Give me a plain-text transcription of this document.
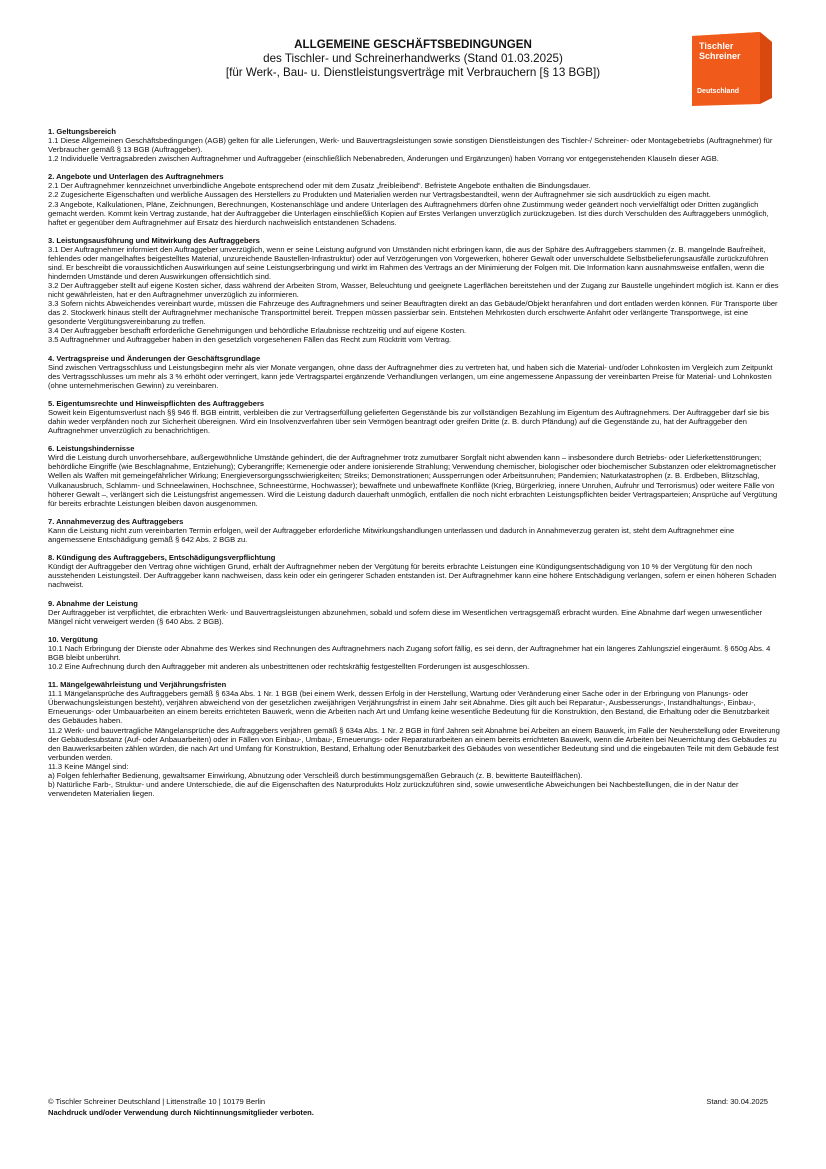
ALLGEMEINE GESCHÄFTSBEDINGUNGEN
des Tischler- und Schreinerhandwerks (Stand 01.03.2025)
[für Werk-, Bau- u. Dienstleistungsverträge mit Verbrauchern [§ 13 BGB])
Tischler
Schreiner
Deutschland
1. Geltungsbereich

1.1 Diese Allgemeinen Geschäftsbedingungen (AGB) gelten für alle Lieferungen, Werk- und Bauvertragsleistungen sowie sonstigen Dienstleistungen des Tischler-/ Schreiner- oder Montagebetriebs (Auftragnehmer) für Verbraucher gemäß § 13 BGB (Auftraggeber).

1.2 Individuelle Vertragsabreden zwischen Auftragnehmer und Auftraggeber (einschließlich Nebenabreden, Änderungen und Ergänzungen) haben Vorrang vor entgegenstehenden Klauseln dieser AGB.

2. Angebote und Unterlagen des Auftragnehmers

2.1 Der Auftragnehmer kennzeichnet unverbindliche Angebote entsprechend oder mit dem Zusatz „freibleibend“. Befristete Angebote enthalten die Bindungsdauer.

2.2 Zugesicherte Eigenschaften und werbliche Aussagen des Herstellers zu Produkten und Materialien werden nur Vertragsbestandteil, wenn der Auftragnehmer sie sich ausdrücklich zu eigen macht.

2.3 Angebote, Kalkulationen, Pläne, Zeichnungen, Berechnungen, Kostenanschläge und andere Unterlagen des Auftragnehmers dürfen ohne Zustimmung weder geändert noch vervielfältigt oder Dritten zugänglich gemacht werden. Kommt kein Vertrag zustande, hat der Auftraggeber die Unterlagen einschließlich Kopien auf Erstes Verlangen unverzüglich zurückzugeben. Ist dies durch Verschulden des Auftraggebers unmöglich, haftet er gegenüber dem Auftragnehmer auf Ersatz des hierdurch nachweislich entstandenen Schadens.

3. Leistungsausführung und Mitwirkung des Auftraggebers

3.1 Der Auftragnehmer informiert den Auftraggeber unverzüglich, wenn er seine Leistung aufgrund von Umständen nicht erbringen kann, die aus der Sphäre des Auftraggebers stammen (z. B. mangelnde Baufreiheit, fehlendes oder mangelhaftes beigestelltes Material, unzureichende Baustellen-Infrastruktur) oder auf Verzögerungen von Vorgewerken, höherer Gewalt oder unverschuldete Selbstbelieferungsausfälle zurückzuführen sind. Er beschreibt die voraussichtlichen Auswirkungen auf seine Leistungserbringung und wirkt im Rahmen des Vertrags an der Minimierung der Folgen mit. Die Information kann ausnahmsweise entfallen, wenn die hindernden Umstände und deren Auswirkungen offensichtlich sind.

3.2 Der Auftraggeber stellt auf eigene Kosten sicher, dass während der Arbeiten Strom, Wasser, Beleuchtung und geeignete Lagerflächen bereitstehen und der Zugang zur Baustelle ungehindert möglich ist. Kann er dies nicht gewährleisten, hat er den Auftragnehmer unverzüglich zu informieren.

3.3 Sofern nichts Abweichendes vereinbart wurde, müssen die Fahrzeuge des Auftragnehmers und seiner Beauftragten direkt an das Gebäude/Objekt heranfahren und dort entladen werden können. Für Transporte über das 2. Stockwerk hinaus stellt der Auftragnehmer mechanische Transportmittel bereit. Treppen müssen passierbar sein. Entstehen Mehrkosten durch erschwerte Anfahrt oder verlängerte Transportwege, ist eine gesonderte Vergütungsvereinbarung zu treffen.

3.4 Der Auftraggeber beschafft erforderliche Genehmigungen und behördliche Erlaubnisse rechtzeitig und auf eigene Kosten.

3.5 Auftragnehmer und Auftraggeber haben in den gesetzlich vorgesehenen Fällen das Recht zum Rücktritt vom Vertrag.

4. Vertragspreise und Änderungen der Geschäftsgrundlage

Sind zwischen Vertragsschluss und Leistungsbeginn mehr als vier Monate vergangen, ohne dass der Auftragnehmer dies zu vertreten hat, und haben sich die Material- und/oder Lohnkosten im Vergleich zum Zeitpunkt des Vertragsschlusses um mehr als 3 % erhöht oder verringert, kann jede Vertragspartei ergänzende Verhandlungen verlangen, um eine angemessene Anpassung der vereinbarten Preise für Material- und Lohnkosten (ohne unternehmerischen Gewinn) zu vereinbaren.

5. Eigentumsrechte und Hinweispflichten des Auftraggebers

Soweit kein Eigentumsverlust nach §§ 946 ff. BGB eintritt, verbleiben die zur Vertragserfüllung gelieferten Gegenstände bis zur vollständigen Bezahlung im Eigentum des Auftragnehmers. Der Auftraggeber darf sie bis dahin weder verpfänden noch zur Sicherheit übereignen. Wird ein Insolvenzverfahren über sein Vermögen beantragt oder greifen Dritte (z. B. durch Pfändung) auf die Gegenstände zu, hat der Auftraggeber den Auftragnehmer unverzüglich zu benachrichtigen.

6. Leistungshindernisse

Wird die Leistung durch unvorhersehbare, außergewöhnliche Umstände gehindert, die der Auftragnehmer trotz zumutbarer Sorgfalt nicht abwenden kann – insbesondere durch Betriebs- oder Lieferkettenstörungen; behördliche Eingriffe (wie Beschlagnahme, Entziehung); Cyberangriffe; Kernenergie oder andere ionisierende Strahlung; Verwendung chemischer, biologischer oder biochemischer Substanzen oder elektromagnetischer Wellen als Waffen mit gemeingefährlicher Wirkung; Energieversorgungsschwierigkeiten; Streiks; Demonstrationen; Aussperrungen oder Arbeitsunruhen; Pandemien; Naturkatastrophen (z. B. Erdbeben, Blitzschlag, Vulkanausbruch, Schlamm- und Schneelawinen, Hochschnee, Schneestürme, Hochwasser); bewaffnete und unbewaffnete Konflikte (Krieg, Bürgerkrieg, innere Unruhen, Aufruhr und Terrorismus) oder weitere Fälle von höherer Gewalt –, verlängert sich die Leistungsfrist angemessen. Wird die Leistung dadurch dauerhaft unmöglich, entfallen die noch nicht erbrachten Leistungspflichten beider Vertragsparteien; Ansprüche auf Vergütung für bereits erbrachte Leistungen bleiben davon ausgenommen.

7. Annahmeverzug des Auftraggebers

Kann die Leistung nicht zum vereinbarten Termin erfolgen, weil der Auftraggeber erforderliche Mitwirkungshandlungen unterlassen und dadurch in Annahmeverzug geraten ist, steht dem Auftragnehmer eine angemessene Entschädigung gemäß § 642 Abs. 2 BGB zu.

8. Kündigung des Auftraggebers, Entschädigungsverpflichtung

Kündigt der Auftraggeber den Vertrag ohne wichtigen Grund, erhält der Auftragnehmer neben der Vergütung für bereits erbrachte Leistungen eine Kündigungsentschädigung von 10 % der Vergütung für den noch ausstehenden Leistungsteil. Der Auftraggeber kann nachweisen, dass kein oder ein geringerer Schaden entstanden ist. Der Auftragnehmer kann eine höhere Entschädigung verlangen, sofern er einen höheren Schaden nachweist.

9. Abnahme der Leistung

Der Auftraggeber ist verpflichtet, die erbrachten Werk- und Bauvertragsleistungen abzunehmen, sobald und sofern diese im Wesentlichen vertragsgemäß erbracht wurden. Eine Abnahme darf wegen unwesentlicher Mängel nicht verweigert werden (§ 640 Abs. 2 BGB).

10. Vergütung

10.1 Nach Erbringung der Dienste oder Abnahme des Werkes sind Rechnungen des Auftragnehmers nach Zugang sofort fällig, es sei denn, der Auftragnehmer hat ein längeres Zahlungsziel eingeräumt. § 650g Abs. 4 BGB bleibt unberührt.

10.2 Eine Aufrechnung durch den Auftraggeber mit anderen als unbestrittenen oder rechtskräftig festgestellten Forderungen ist ausgeschlossen.

11. Mängelgewährleistung und Verjährungsfristen

11.1 Mängelansprüche des Auftraggebers gemäß § 634a Abs. 1 Nr. 1 BGB (bei einem Werk, dessen Erfolg in der Herstellung, Wartung oder Veränderung einer Sache oder in der Erbringung von Planungs- oder Überwachungsleistungen besteht), verjähren abweichend von der gesetzlichen zweijährigen Verjährungsfrist in einem Jahr seit Abnahme. Dies gilt auch bei Reparatur-, Ausbesserungs-, Instandhaltungs-, Einbau-, Erneuerungs- oder Umbauarbeiten an einem bereits errichteten Bauwerk, wenn die Arbeiten nach Art und Umfang keine wesentliche Bedeutung für die Konstruktion, den Bestand, die Erhaltung oder die Benutzbarkeit des Gebäudes haben.

11.2 Werk- und bauvertragliche Mängelansprüche des Auftraggebers verjähren gemäß § 634a Abs. 1 Nr. 2 BGB in fünf Jahren seit Abnahme bei Arbeiten an einem Bauwerk, im Falle der Neuherstellung oder Erweiterung der Gebäudesubstanz (Auf- oder Anbauarbeiten) oder in Fällen von Einbau-, Umbau-, Erneuerungs- oder Reparaturarbeiten an einem bereits errichteten Bauwerk, wenn die Arbeiten bei Neuerrichtung des Gebäudes zu den Bauwerksarbeiten zählen würden, die nach Art und Umfang für Konstruktion, Bestand, Erhaltung oder Benutzbarkeit des Gebäudes von wesentlicher Bedeutung sind und die eingebauten Teile mit dem Gebäude fest verbunden werden.

11.3 Keine Mängel sind:

a) Folgen fehlerhafter Bedienung, gewaltsamer Einwirkung, Abnutzung oder Verschleiß durch bestimmungsgemäßen Gebrauch (z. B. bewitterte Bauteilflächen).

b) Natürliche Farb-, Struktur- und andere Unterschiede, die auf die Eigenschaften des Naturprodukts Holz zurückzuführen sind, sowie unwesentliche Abweichungen bei Nachbestellungen, die in der Natur der verwendeten Materialien liegen.

© Tischler Schreiner Deutschland | Littenstraße 10 | 10179 Berlin	Stand: 30.04.2025
Nachdruck und/oder Verwendung durch Nichtinnungsmitglieder verboten.
